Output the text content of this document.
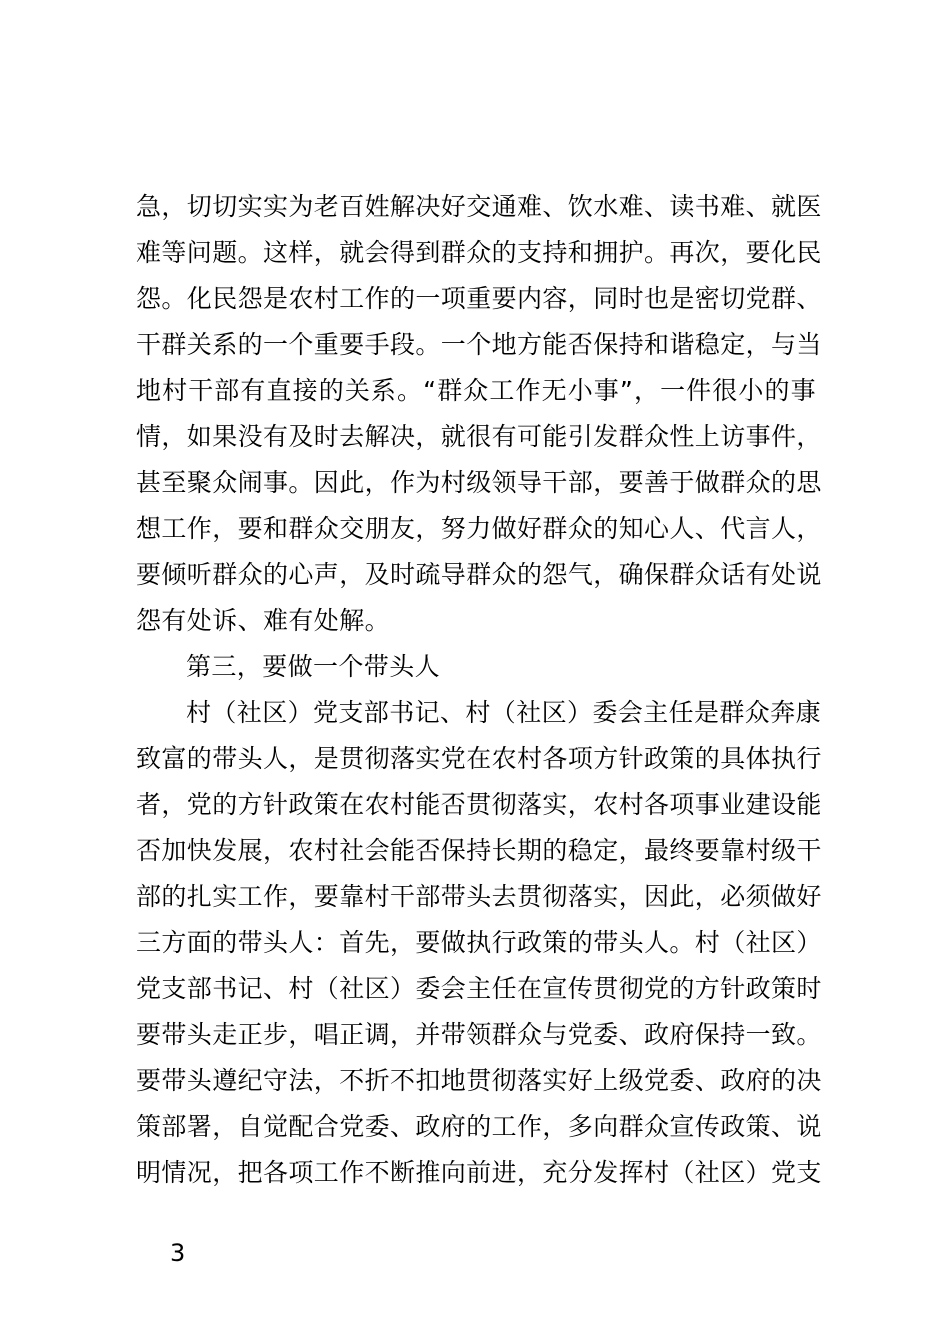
急，切切实实为老百姓解决好交通难、饮水难、读书难、就医
难等问题。这样，就会得到群众的支持和拥护。再次，要化民
怨。化民怨是农村工作的一项重要内容，同时也是密切党群、
干群关系的一个重要手段。一个地方能否保持和谐稳定，与当
地村干部有直接的关系。“群众工作无小事”，一件很小的事
情，如果没有及时去解决，就很有可能引发群众性上访事件，
甚至聚众闹事。因此，作为村级领导干部，要善于做群众的思
想工作，要和群众交朋友，努力做好群众的知心人、代言人，
要倾听群众的心声，及时疏导群众的怨气，确保群众话有处说
怨有处诉、难有处解。
第三，要做一个带头人
村（社区）党支部书记、村（社区）委会主任是群众奔康
致富的带头人，是贯彻落实党在农村各项方针政策的具体执行
者，党的方针政策在农村能否贯彻落实，农村各项事业建设能
否加快发展，农村社会能否保持长期的稳定，最终要靠村级干
部的扎实工作，要靠村干部带头去贯彻落实，因此，必须做好
三方面的带头人：首先，要做执行政策的带头人。村（社区）
党支部书记、村（社区）委会主任在宣传贯彻党的方针政策时
要带头走正步，唱正调，并带领群众与党委、政府保持一致。
要带头遵纪守法，不折不扣地贯彻落实好上级党委、政府的决
策部署，自觉配合党委、政府的工作，多向群众宣传政策、说
明情况，把各项工作不断推向前进，充分发挥村（社区）党支
3
